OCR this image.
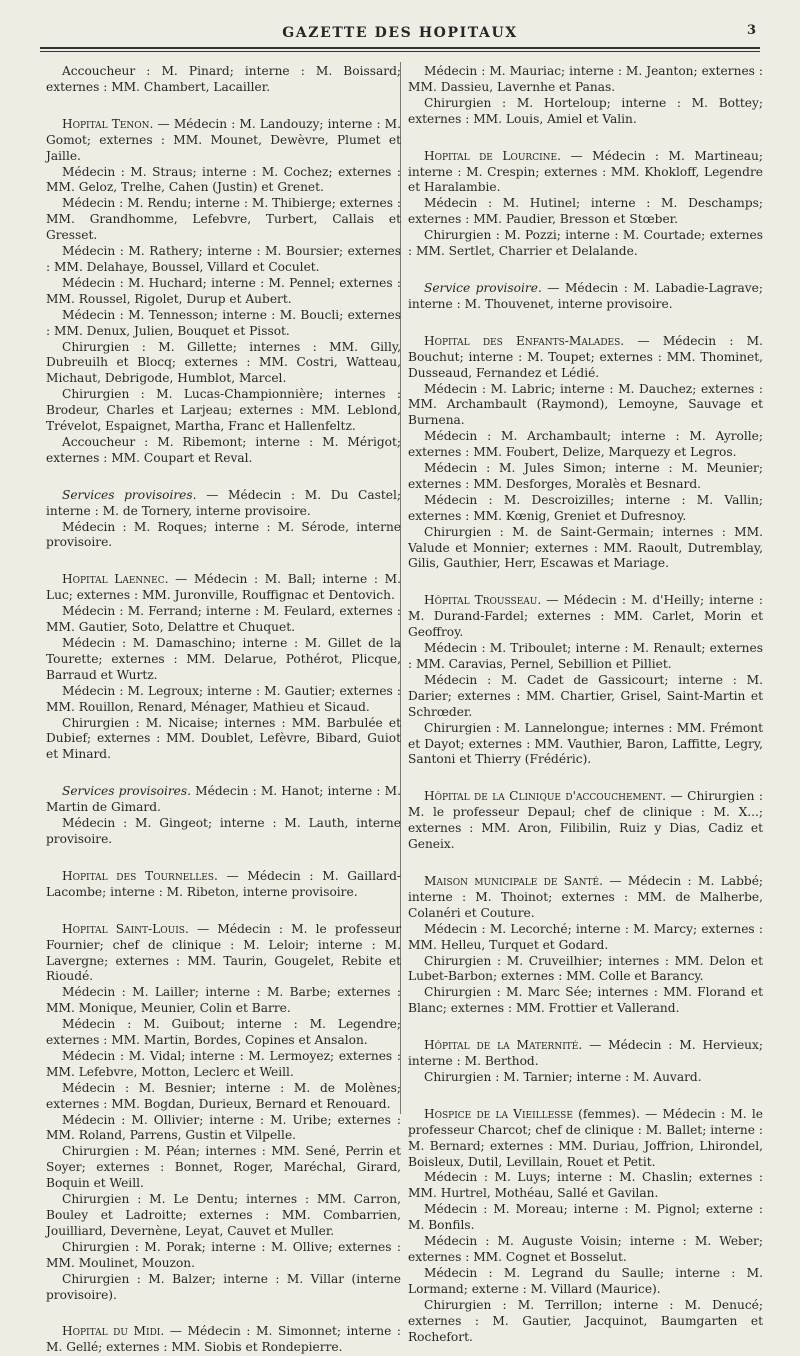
GAZETTE DES HOPITAUX	3

Accoucheur : M. Pinard; interne : M. Boissard; externes : MM. Chambert, Lacailler.

Hopital Tenon. — Médecin : M. Landouzy; interne : M. Gomot; externes : MM. Mounet, Dewèvre, Plumet et Jaille.

Médecin : M. Straus; interne : M. Cochez; externes : MM. Geloz, Trelhe, Cahen (Justin) et Grenet.

Médecin : M. Rendu; interne : M. Thibierge; externes : MM. Grandhomme, Lefebvre, Turbert, Callais et Gresset.

Médecin : M. Rathery; interne : M. Boursier; externes : MM. Delahaye, Boussel, Villard et Coculet.

Médecin : M. Huchard; interne : M. Pennel; externes : MM. Roussel, Rigolet, Durup et Aubert.

Médecin : M. Tennesson; interne : M. Boucli; externes : MM. Denux, Julien, Bouquet et Pissot.

Chirurgien : M. Gillette; internes : MM. Gilly, Dubreuilh et Blocq; externes : MM. Costri, Watteau, Michaut, Debrigode, Humblot, Marcel.

Chirurgien : M. Lucas-Championnière; internes : Brodeur, Charles et Larjeau; externes : MM. Leblond, Trévelot, Espaignet, Martha, Franc et Hallenfeltz.

Accoucheur : M. Ribemont; interne : M. Mérigot; externes : MM. Coupart et Reval.

Services provisoires. — Médecin : M. Du Castel; interne : M. de Tornery, interne provisoire.

Médecin : M. Roques; interne : M. Sérode, interne provisoire.

Hopital Laennec. — Médecin : M. Ball; interne : M. Luc; externes : MM. Juronville, Rouffignac et Dentovich.

Médecin : M. Ferrand; interne : M. Feulard, externes : MM. Gautier, Soto, Delattre et Chuquet.

Médecin : M. Damaschino; interne : M. Gillet de la Tourette; externes : MM. Delarue, Pothérot, Plicque, Barraud et Wurtz.

Médecin : M. Legroux; interne : M. Gautier; externes : MM. Rouillon, Renard, Ménager, Mathieu et Sicaud.

Chirurgien : M. Nicaise; internes : MM. Barbulée et Dubief; externes : MM. Doublet, Lefèvre, Bibard, Guiot et Minard.

Services provisoires. Médecin : M. Hanot; interne : M. Martin de Gimard.

Médecin : M. Gingeot; interne : M. Lauth, interne provisoire.

Hopital des Tournelles. — Médecin : M. Gaillard-Lacombe; interne : M. Ribeton, interne provisoire.

Hopital Saint-Louis. — Médecin : M. le professeur Fournier; chef de clinique : M. Leloir; interne : M. Lavergne; externes : MM. Taurin, Gougelet, Rebite et Rioudé.

Médecin : M. Lailler; interne : M. Barbe; externes : MM. Monique, Meunier, Colin et Barre.

Médecin : M. Guibout; interne : M. Legendre; externes : MM. Martin, Bordes, Copines et Ansalon.

Médecin : M. Vidal; interne : M. Lermoyez; externes : MM. Lefebvre, Motton, Leclerc et Weill.

Médecin : M. Besnier; interne : M. de Molènes; externes : MM. Bogdan, Durieux, Bernard et Renouard.

Médecin : M. Ollivier; interne : M. Uribe; externes : MM. Roland, Parrens, Gustin et Vilpelle.

Chirurgien : M. Péan; internes : MM. Sené, Perrin et Soyer; externes : Bonnet, Roger, Maréchal, Girard, Boquin et Weill.

Chirurgien : M. Le Dentu; internes : MM. Carron, Bouley et Ladroitte; externes : MM. Combarrien, Jouilliard, Devernène, Leyat, Cauvet et Muller.

Chirurgien : M. Porak; interne : M. Ollive; externes : MM. Moulinet, Mouzon.

Chirurgien : M. Balzer; interne : M. Villar (interne provisoire).

Hopital du Midi. — Médecin : M. Simonnet; interne : M. Gellé; externes : MM. Siobis et Rondepierre.

Médecin : M. Mauriac; interne : M. Jeanton; externes : MM. Dassieu, Lavernhe et Panas.

Chirurgien : M. Horteloup; interne : M. Bottey; externes : MM. Louis, Amiel et Valin.

Hopital de Lourcine. — Médecin : M. Martineau; interne : M. Crespin; externes : MM. Khokloff, Legendre et Haralambie.

Médecin : M. Hutinel; interne : M. Deschamps; externes : MM. Paudier, Bresson et Stœber.

Chirurgien : M. Pozzi; interne : M. Courtade; externes : MM. Sertlet, Charrier et Delalande.

Service provisoire. — Médecin : M. Labadie-Lagrave; interne : M. Thouvenet, interne provisoire.

Hopital des Enfants-Malades. — Médecin : M. Bouchut; interne : M. Toupet; externes : MM. Thominet, Dusseaud, Fernandez et Lédié.

Médecin : M. Labric; interne : M. Dauchez; externes : MM. Archambault (Raymond), Lemoyne, Sauvage et Burnena.

Médecin : M. Archambault; interne : M. Ayrolle; externes : MM. Foubert, Delize, Marquezy et Legros.

Médecin : M. Jules Simon; interne : M. Meunier; externes : MM. Desforges, Moralès et Besnard.

Médecin : M. Descroizilles; interne : M. Vallin; externes : MM. Kœnig, Greniet et Dufresnoy.

Chirurgien : M. de Saint-Germain; internes : MM. Valude et Monnier; externes : MM. Raoult, Dutremblay, Gilis, Gauthier, Herr, Escawas et Mariage.

Hôpital Trousseau. — Médecin : M. d'Heilly; interne : M. Durand-Fardel; externes : MM. Carlet, Morin et Geoffroy.

Médecin : M. Triboulet; interne : M. Renault; externes : MM. Caravias, Pernel, Sebillion et Pilliet.

Médecin : M. Cadet de Gassicourt; interne : M. Darier; externes : MM. Chartier, Grisel, Saint-Martin et Schrœder.

Chirurgien : M. Lannelongue; internes : MM. Frémont et Dayot; externes : MM. Vauthier, Baron, Laffitte, Legry, Santoni et Thierry (Frédéric).

Hôpital de la Clinique d'accouchement. — Chirurgien : M. le professeur Depaul; chef de clinique : M. X...; externes : MM. Aron, Filibilin, Ruiz y Dias, Cadiz et Geneix.

Maison municipale de Santé. — Médecin : M. Labbé; interne : M. Thoinot; externes : MM. de Malherbe, Colanéri et Couture.

Médecin : M. Lecorché; interne : M. Marcy; externes : MM. Helleu, Turquet et Godard.

Chirurgien : M. Cruveilhier; internes : MM. Delon et Lubet-Barbon; externes : MM. Colle et Barancy.

Chirurgien : M. Marc Sée; internes : MM. Florand et Blanc; externes : MM. Frottier et Vallerand.

Hôpital de la Maternité. — Médecin : M. Hervieux; interne : M. Berthod.

Chirurgien : M. Tarnier; interne : M. Auvard.

Hospice de la Vieillesse (femmes). — Médecin : M. le professeur Charcot; chef de clinique : M. Ballet; interne : M. Bernard; externes : MM. Duriau, Joffrion, Lhirondel, Boisleux, Dutil, Levillain, Rouet et Petit.

Médecin : M. Luys; interne : M. Chaslin; externes : MM. Hurtrel, Mothéau, Sallé et Gavilan.

Médecin : M. Moreau; interne : M. Pignol; externe : M. Bonfils.

Médecin : M. Auguste Voisin; interne : M. Weber; externes : MM. Cognet et Bosselut.

Médecin : M. Legrand du Saulle; interne : M. Lormand; externe : M. Villard (Maurice).

Chirurgien : M. Terrillon; interne : M. Denucé; externes : M. Gautier, Jacquinot, Baumgarten et Rochefort.
